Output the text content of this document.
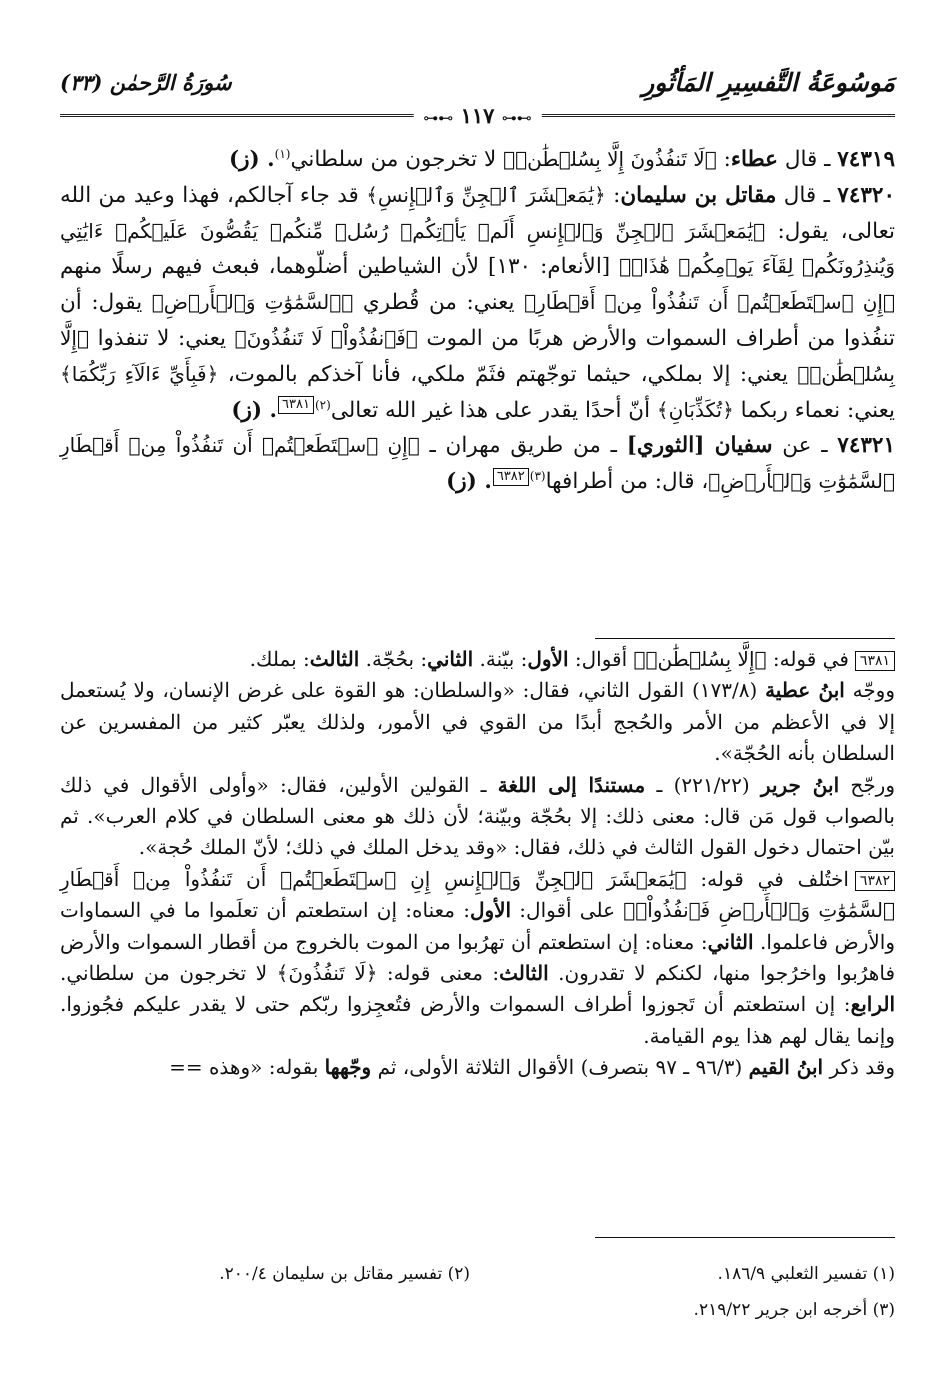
مَوسُوعَةُ التَّفسِيرِ المَأثُورِ
سُورَةُ الرَّحمٰن (٣٣)
⊶⊷ ١١٧ ⊶⊷
٧٤٣١٩ ـ قال عطاء: ﴿لَا تَنفُذُونَ إِلَّا بِسُلۡطَٰنٖ﴾ لا تخرجون من سلطاني$^{(١)}$. (ز)
٧٤٣٢٠ ـ قال مقاتل بن سليمان: ﴿يَٰمَعۡشَرَ ٱلۡجِنِّ وَٱلۡإِنسِ﴾ قد جاء آجالكم، فهذا وعيد من الله تعالى، يقول: ﴿يَٰمَعۡشَرَ ٱلۡجِنِّ وَٱلۡإِنسِ أَلَمۡ يَأۡتِكُمۡ رُسُلٞ مِّنكُمۡ يَقُصُّونَ عَلَيۡكُمۡ ءَايَٰتِي وَيُنذِرُونَكُمۡ لِقَآءَ يَوۡمِكُمۡ هَٰذَاۚ﴾ [الأنعام: ١٣٠] لأن الشياطين أضلّوهما، فبعث فيهم رسلًا منهم ﴿إِنِ ٱسۡتَطَعۡتُمۡ أَن تَنفُذُواْ مِنۡ أَقۡطَارِ﴾ يعني: من قُطري ﴿ٱلسَّمَٰوَٰتِ وَٱلۡأَرۡضِ﴾ يقول: أن تنفُذوا من أطراف السموات والأرض هربًا من الموت ﴿فَٱنفُذُواْۚ لَا تَنفُذُونَ﴾ يعني: لا تنفذوا ﴿إِلَّا بِسُلۡطَٰنٖ﴾ يعني: إلا بملكي، حيثما توجّهتم فثَمّ ملكي، فأنا آخذكم بالموت، ﴿فَبِأَيِّ ءَالَآءِ رَبِّكُمَا﴾ يعني: نعماء ربكما ﴿تُكَذِّبَانِ﴾ أنّ أحدًا يقدر على هذا غير الله تعالى$^{(٢)}$٦٣٨١. (ز)
٧٤٣٢١ ـ عن سفيان [الثوري] ـ من طريق مهران ـ ﴿إِنِ ٱسۡتَطَعۡتُمۡ أَن تَنفُذُواْ مِنۡ أَقۡطَارِ ٱلسَّمَٰوَٰتِ وَٱلۡأَرۡضِ﴾، قال: من أطرافها$^{(٣)}$٦٣٨٢. (ز)

٦٣٨١في قوله: ﴿إِلَّا بِسُلۡطَٰنٖ﴾ أقوال: الأول: بيّنة. الثاني: بحُجّة. الثالث: بملك.

ووجّه ابنُ عطية (١٧٣/٨) القول الثاني، فقال: «والسلطان: هو القوة على غرض الإنسان، ولا يُستعمل إلا في الأعظم من الأمر والحُجج أبدًا من القوي في الأمور، ولذلك يعبّر كثير من المفسرين عن السلطان بأنه الحُجّة».

ورجّح ابنُ جرير (٢٢١/٢٢) ـ مستندًا إلى اللغة ـ القولين الأولين، فقال: «وأولى الأقوال في ذلك بالصواب قول مَن قال: معنى ذلك: إلا بحُجّة وبيّنة؛ لأن ذلك هو معنى السلطان في كلام العرب». ثم بيّن احتمال دخول القول الثالث في ذلك، فقال: «وقد يدخل الملك في ذلك؛ لأنّ الملك حُجة».

٦٣٨٢اختُلف في قوله: ﴿يَٰمَعۡشَرَ ٱلۡجِنِّ وَٱلۡإِنسِ إِنِ ٱسۡتَطَعۡتُمۡ أَن تَنفُذُواْ مِنۡ أَقۡطَارِ ٱلسَّمَٰوَٰتِ وَٱلۡأَرۡضِ فَٱنفُذُواْۚ﴾ على أقوال: الأول: معناه: إن استطعتم أن تعلَموا ما في السماوات والأرض فاعلموا. الثاني: معناه: إن استطعتم أن تهرُبوا من الموت بالخروج من أقطار السموات والأرض فاهرُبوا واخرُجوا منها، لكنكم لا تقدرون. الثالث: معنى قوله: ﴿لَا تَنفُذُونَ﴾ لا تخرجون من سلطاني. الرابع: إن استطعتم أن تَجوزوا أطراف السموات والأرض فتُعجِزوا ربّكم حتى لا يقدر عليكم فجُوزوا. وإنما يقال لهم هذا يوم القيامة.

وقد ذكر ابنُ القيم (٩٦/٣ ـ ٩٧ بتصرف) الأقوال الثلاثة الأولى، ثم وجّهها بقوله: «وهذه ==

(١) تفسير الثعلبي ١٨٦/٩.
(٢) تفسير مقاتل بن سليمان ٢٠٠/٤.
(٣) أخرجه ابن جرير ٢١٩/٢٢.
